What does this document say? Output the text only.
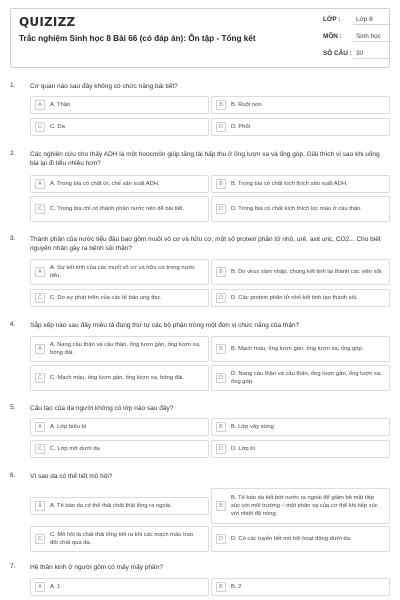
QUIZIZZ
Trắc nghiệm Sinh học 8 Bài 66 (có đáp án): Ôn tập - Tổng kết
LỚP : Lớp 8
MÔN : Sinh học
SỐ CÂU : 30
1. Cơ quan nào sau đây không có chức năng bài tiết?
A	A. Thận	B	B. Ruột non
C	C. Da	D	D. Phổi
2. Các nghiên cứu cho thấy ADH là một hoocmôn giúp tăng tái hấp thu ở ống lượn xa và ống góp. Giải thích vì sao khi uống bia lại đi tiểu nhiều hơn?
A	A. Trong bia có chất ức chế sản xuất ADH.	B	B. Trong bia có chất kích thích sản xuất ADH.
C	C. Trong bia chỉ có thành phần nước nên dễ bài tiết.	D	D. Trong bia có chất kích thích lọc máu ở cầu thận.
3. Thành phần của nước tiểu đầu bao gồm muối vô cơ và hữu cơ, một số protein phân tử nhỏ, urê, axit uric, CO2... Cho biết nguyên nhân gây ra bệnh sỏi thận?
A
A. Sự kết tinh của các muối vô cơ và hữu cơ trong nước tiểu.
B	B. Do virus xâm nhập, chúng kết tinh lại thành các viên sỏi.
C	C. Do sự phát triển của các tế bào ung thư.	D	D. Các protein phân tử nhỏ kết tinh tạo thành sỏi.
4. Sắp xếp nào sau đây miêu tả đúng thứ tự các bộ phận trong một đơn vị chức năng của thận?
A
A. Nang cầu thận và cầu thận, ống lượn gần, ống lượn xa, bóng đái.
B	B. Mạch máu, ống lượn gần, ống lượn xa, ống góp.
C	C. Mạch máu, ống lượn gần, ống lượn xa, bóng đái.	D
D. Nang cầu thận và cầu thận, ống lượn gần, ống lượn xa, ống góp.
5. Cấu tạo của da người không có lớp nào sau đây?
A	A. Lớp biểu bì	B	B. Lớp vảy sừng
C	C. Lớp mỡ dưới da	D	D. Lớp bì
6. Vì sao da có thể tiết mồ hôi?
A	A. Tế bào da có thể thải chất thải lỏng ra ngoài.	B
B. Tế bào da tiết bớt nước ra ngoài để giảm bề mặt tiếp xúc với môi trường – một phản xạ của cơ thể khi tiếp xúc với nhiệt độ nóng.
C
C. Mô hôi là chất thải lỏng tiết ra khi các mạch máu trao đổi chất qua da.
D	D. Có các tuyến tiết mồ hôi hoạt động dưới da.
7. Hệ thần kinh ở người gồm có mấy mấy phần?
A	A. 1	B	B. 2
